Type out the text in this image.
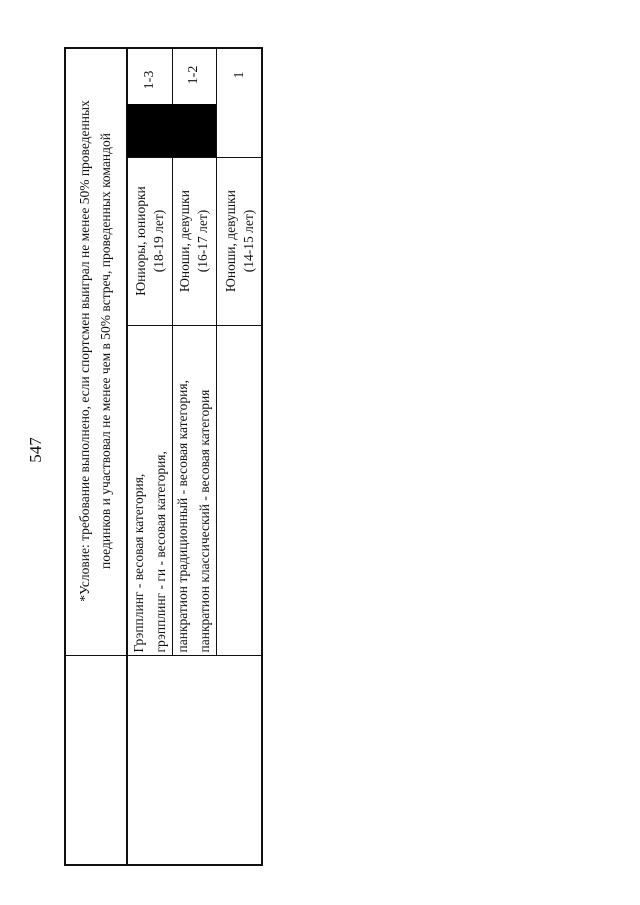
547 *Условие: требование выполнено, если спортсмен выиграл не менее 50% проведенных поединков и участвовал не менее чем в 50% встреч, проведенных командой Грэпплинг - весовая категория, грэпплинг - ги - весовая категория, панкратион традиционный - весовая категория, панкратион классический - весовая категория
Юниоры, юниорки (18-19 лет)
1-3
Юноши, девушки (16-17 лет)
1-2
Юноши, девушки (14-15 лет)
1
